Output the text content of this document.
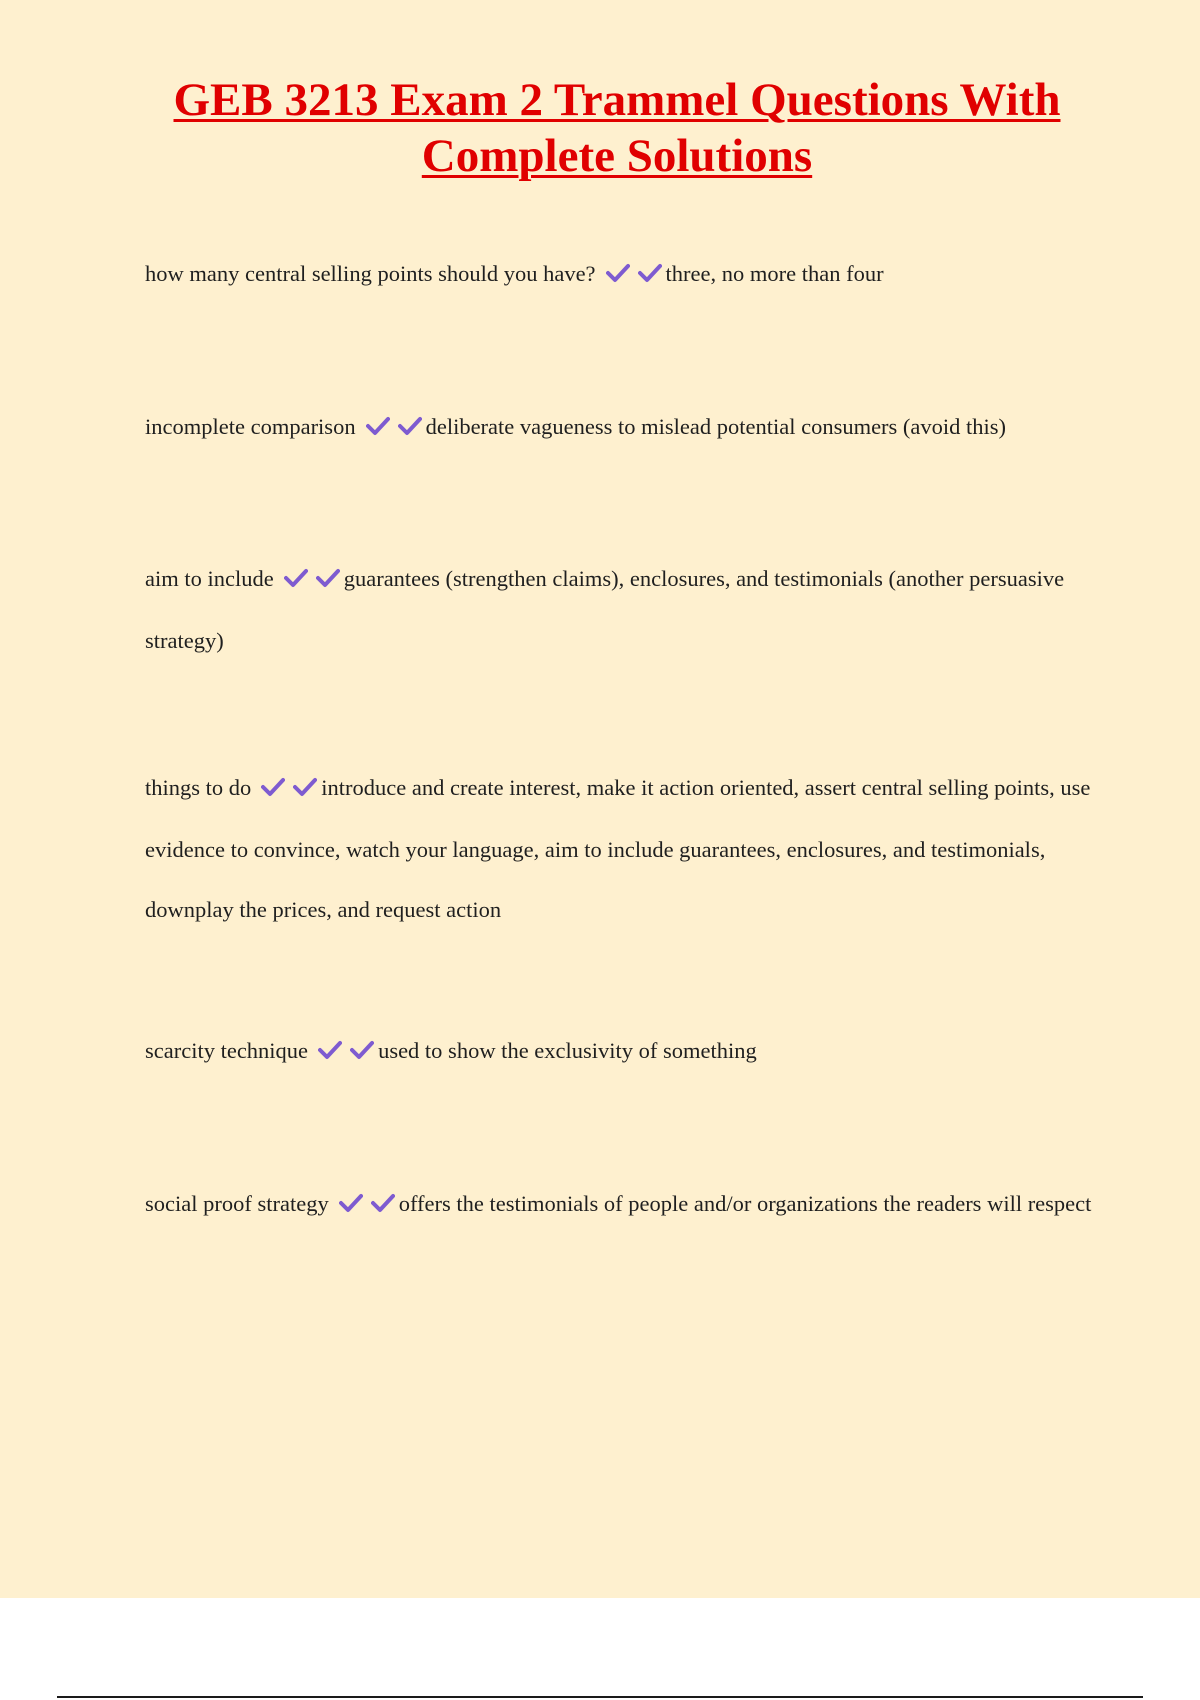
GEB 3213 Exam 2 Trammel Questions With Complete Solutions

how many central selling points should you have?	three, no more than four

incomplete comparison	deliberate vagueness to mislead potential consumers (avoid this)

aim to include	guarantees (strengthen claims), enclosures, and testimonials (another persuasive strategy)

things to do	introduce and create interest, make it action oriented, assert central selling points, use evidence to convince, watch your language, aim to include guarantees, enclosures, and testimonials, downplay the prices, and request action

scarcity technique	used to show the exclusivity of something

social proof strategy	offers the testimonials of people and/or organizations the readers will respect
